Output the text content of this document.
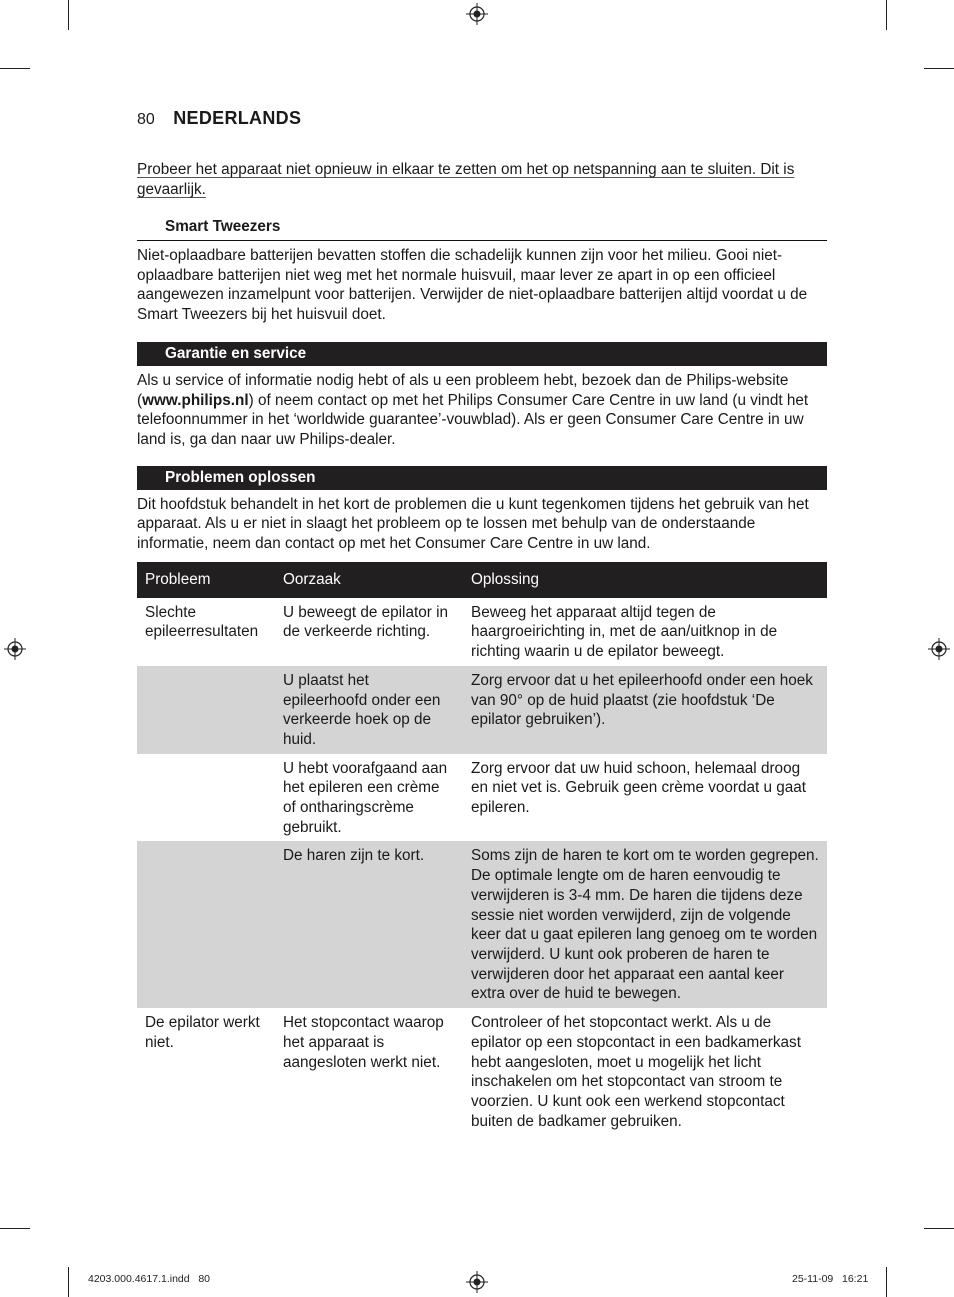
80 NEDERLANDS

Probeer het apparaat niet opnieuw in elkaar te zetten om het op netspanning aan te sluiten. Dit is gevaarlijk.

Smart Tweezers

Niet-oplaadbare batterijen bevatten stoffen die schadelijk kunnen zijn voor het milieu. Gooi niet-oplaadbare batterijen niet weg met het normale huisvuil, maar lever ze apart in op een officieel aangewezen inzamelpunt voor batterijen. Verwijder de niet-oplaadbare batterijen altijd voordat u de Smart Tweezers bij het huisvuil doet.

Garantie en service

Als u service of informatie nodig hebt of als u een probleem hebt, bezoek dan de Philips-website (www.philips.nl) of neem contact op met het Philips Consumer Care Centre in uw land (u vindt het telefoonnummer in het ‘worldwide guarantee’-vouwblad). Als er geen Consumer Care Centre in uw land is, ga dan naar uw Philips-dealer.

Problemen oplossen

Dit hoofdstuk behandelt in het kort de problemen die u kunt tegenkomen tijdens het gebruik van het apparaat. Als u er niet in slaagt het probleem op te lossen met behulp van de onderstaande informatie, neem dan contact op met het Consumer Care Centre in uw land.

Probleem	Oorzaak	Oplossing
Slechte epileerresultaten	U beweegt de epilator in de verkeerde richting.	Beweeg het apparaat altijd tegen de haargroeirichting in, met de aan/uitknop in de richting waarin u de epilator beweegt.
	U plaatst het epileerhoofd onder een verkeerde hoek op de huid.	Zorg ervoor dat u het epileerhoofd onder een hoek van 90° op de huid plaatst (zie hoofdstuk ‘De epilator gebruiken’).
	U hebt voorafgaand aan het epileren een crème of ontharingscrème gebruikt.	Zorg ervoor dat uw huid schoon, helemaal droog en niet vet is. Gebruik geen crème voordat u gaat epileren.
	De haren zijn te kort.	Soms zijn de haren te kort om te worden gegrepen. De optimale lengte om de haren eenvoudig te verwijderen is 3-4 mm. De haren die tijdens deze sessie niet worden verwijderd, zijn de volgende keer dat u gaat epileren lang genoeg om te worden verwijderd. U kunt ook proberen de haren te verwijderen door het apparaat een aantal keer extra over de huid te bewegen.
De epilator werkt niet.	Het stopcontact waarop het apparaat is aangesloten werkt niet.	Controleer of het stopcontact werkt. Als u de epilator op een stopcontact in een badkamerkast hebt aangesloten, moet u mogelijk het licht inschakelen om het stopcontact van stroom te voorzien. U kunt ook een werkend stopcontact buiten de badkamer gebruiken.
4203.000.4617.1.indd   80	25-11-09   16:21
